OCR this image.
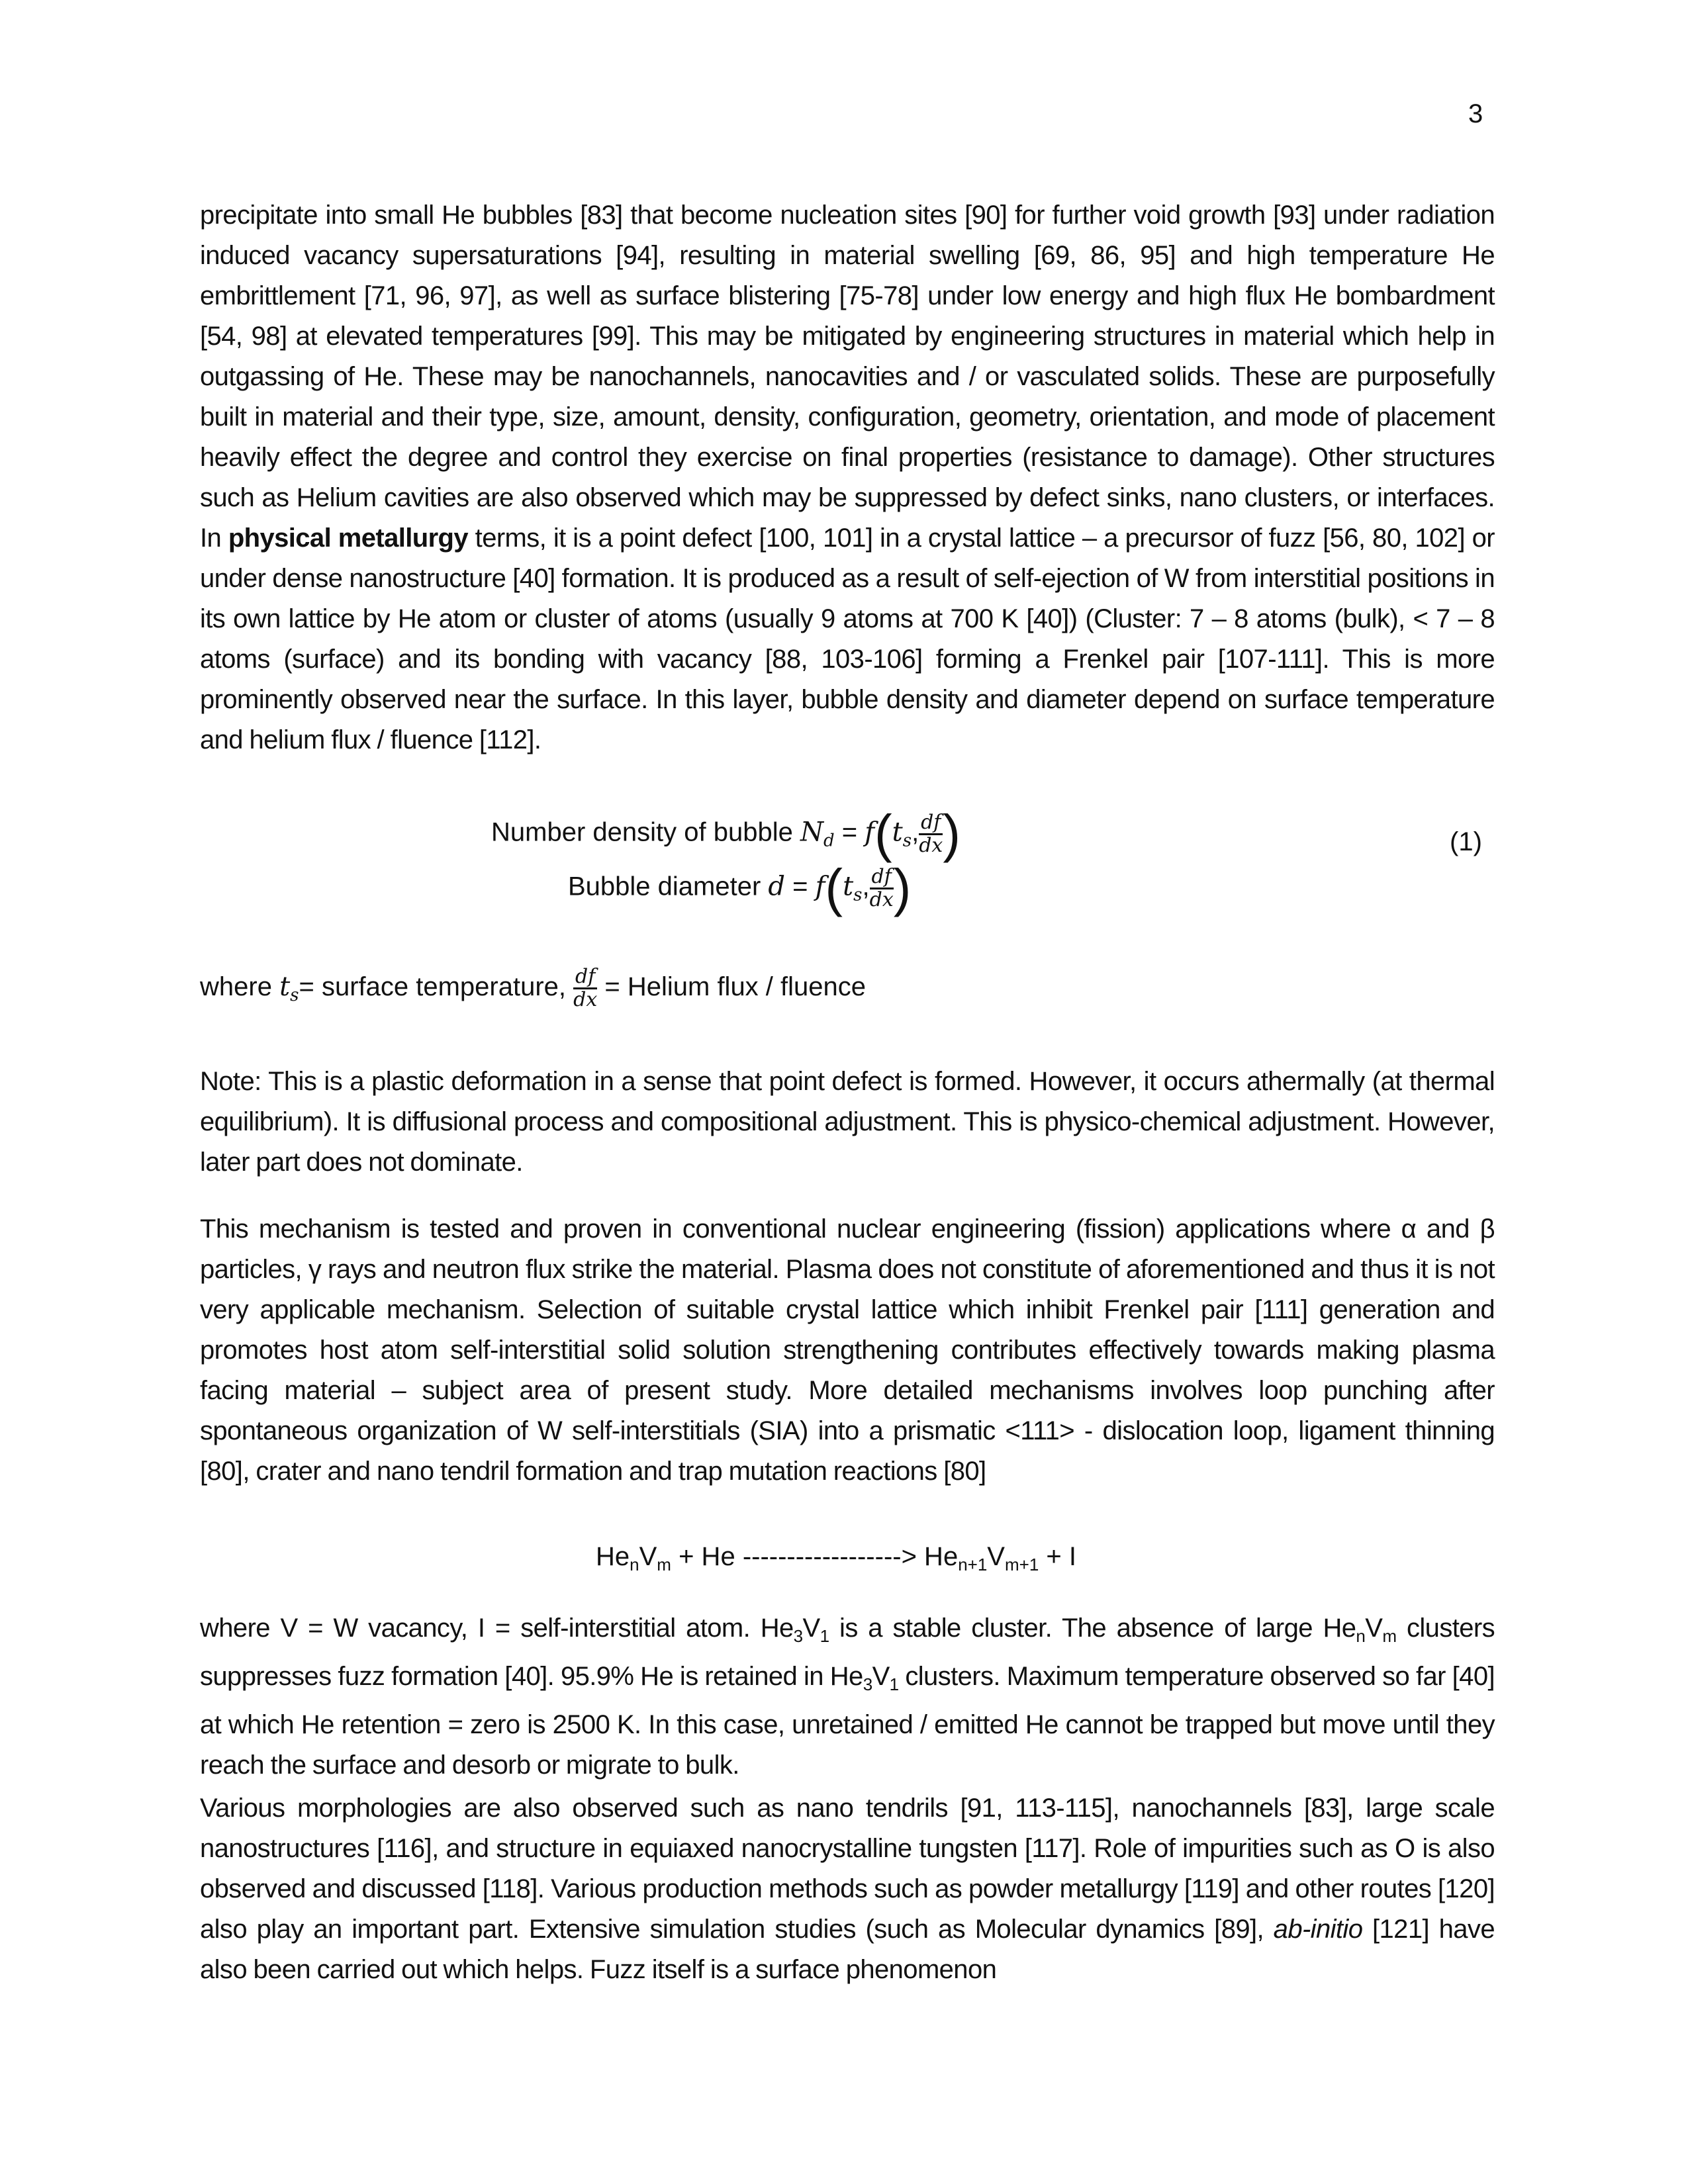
3

precipitate into small He bubbles [83] that become nucleation sites [90] for further void growth [93] under radiation induced vacancy supersaturations [94], resulting in material swelling [69, 86, 95] and high temperature He embrittlement [71, 96, 97], as well as surface blistering [75-78] under low energy and high flux He bombardment [54, 98] at elevated temperatures [99]. This may be mitigated by engineering structures in material which help in outgassing of He. These may be nanochannels, nanocavities and / or vasculated solids. These are purposefully built in material and their type, size, amount, density, configuration, geometry, orientation, and mode of placement heavily effect the degree and control they exercise on final properties (resistance to damage). Other structures such as Helium cavities are also observed which may be suppressed by defect sinks, nano clusters, or interfaces. In physical metallurgy terms, it is a point defect [100, 101] in a crystal lattice – a precursor of fuzz [56, 80, 102] or under dense nanostructure [40] formation. It is produced as a result of self-ejection of W from interstitial positions in its own lattice by He atom or cluster of atoms (usually 9 atoms at 700 K [40]) (Cluster: 7 – 8 atoms (bulk), < 7 – 8 atoms (surface) and its bonding with vacancy [88, 103-106] forming a Frenkel pair [107-111]. This is more prominently observed near the surface. In this layer, bubble density and diameter depend on surface temperature and helium flux / fluence [112].

Number density of bubble $N_d = f(t_s$, $\frac{df}{dx}$ )
Bubble diameter $d = f(t_s$, $\frac{df}{dx}$ )
(1)
where $t_s=$ surface temperature, $\frac{df}{dx}$ = Helium flux / fluence

Note: This is a plastic deformation in a sense that point defect is formed. However, it occurs athermally (at thermal equilibrium). It is diffusional process and compositional adjustment. This is physico-chemical adjustment. However, later part does not dominate.

This mechanism is tested and proven in conventional nuclear engineering (fission) applications where α and β particles, γ rays and neutron flux strike the material. Plasma does not constitute of aforementioned and thus it is not very applicable mechanism. Selection of suitable crystal lattice which inhibit Frenkel pair [111] generation and promotes host atom self-interstitial solid solution strengthening contributes effectively towards making plasma facing material – subject area of present study. More detailed mechanisms involves loop punching after spontaneous organization of W self-interstitials (SIA) into a prismatic <111> - dislocation loop, ligament thinning [80], crater and nano tendril formation and trap mutation reactions [80]

$He_nV_m + He$ ------------------> $He_{n+1}V_{m+1} + I$

where V = W vacancy, I = self-interstitial atom. $He_3V_1$ is a stable cluster. The absence of large $He_nV_m$ clusters suppresses fuzz formation [40]. 95.9% He is retained in $He_3V_1$ clusters. Maximum temperature observed so far [40] at which He retention = zero is 2500 K. In this case, unretained / emitted He cannot be trapped but move until they reach the surface and desorb or migrate to bulk.

Various morphologies are also observed such as nano tendrils [91, 113-115], nanochannels [83], large scale nanostructures [116], and structure in equiaxed nanocrystalline tungsten [117]. Role of impurities such as O is also observed and discussed [118]. Various production methods such as powder metallurgy [119] and other routes [120] also play an important part. Extensive simulation studies (such as Molecular dynamics [89], ab-initio [121] have also been carried out which helps. Fuzz itself is a surface phenomenon
